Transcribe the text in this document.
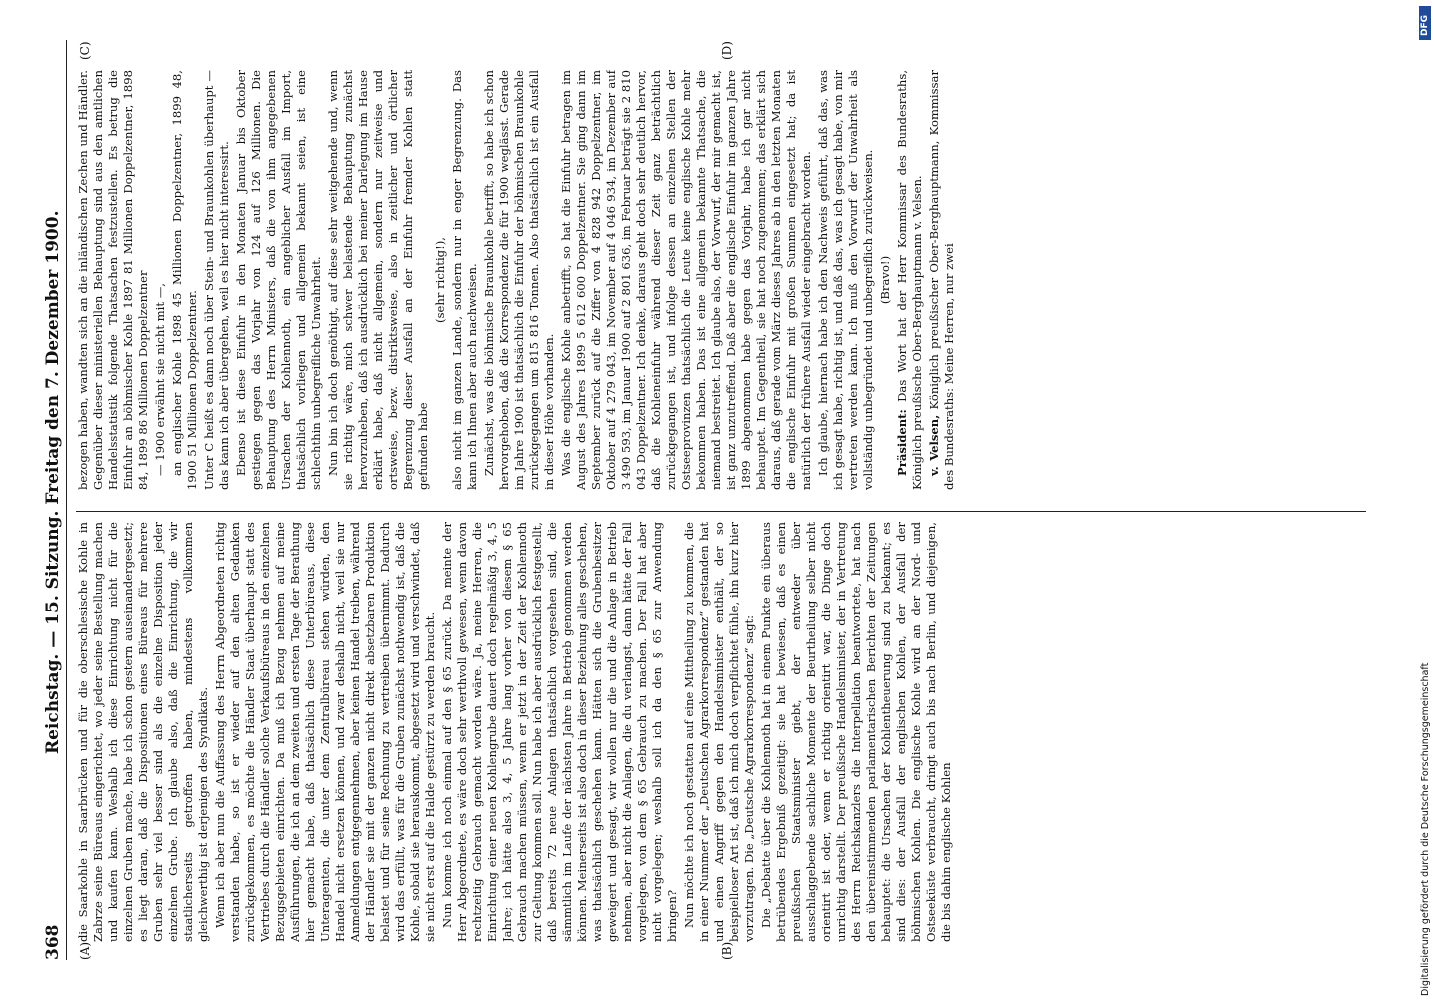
368
Reichstag. — 15. Sitzung. Freitag den 7. Dezember 1900.
(A)	(B)
(C)	(D)

die Saarkohle in Saarbrücken und für die oberschlesische Kohle in Zabrze seine Büreaus eingerichtet, wo jeder seine Bestellung machen und kaufen kann. Weshalb ich diese Einrichtung nicht für die einzelnen Gruben mache, habe ich schon gestern auseinandergesetzt; es liegt daran, daß die Dispositionen eines Büreaus für mehrere Gruben sehr viel besser sind als die einzelne Disposition jeder einzelnen Grube. Ich glaube also, daß die Einrichtung, die wir staatlicherseits getroffen haben, mindestens vollkommen gleichwerthig ist derjenigen des Syndikats. Wenn ich aber nun die Auffassung des Herrn Abgeordneten richtig verstanden habe, so ist er wieder auf den alten Gedanken zurückgekommen, es möchte die Händler Staat überhaupt statt des Vertriebes durch die Händler solche Verkaufsbüreaus in den einzelnen Bezugsgebieten einrichten. Da muß ich Bezug nehmen auf meine Ausführungen, die ich an dem zweiten und ersten Tage der Berathung hier gemacht habe, daß thatsächlich diese Unterbüreaus, diese Unteragenten, die unter dem Zentralbüreau stehen würden, den Handel nicht ersetzen können, und zwar deshalb nicht, weil sie nur Anmeldungen entgegennehmen, aber keinen Handel treiben, während der Händler sie mit der ganzen nicht direkt absetzbaren Produktion belastet und für seine Rechnung zu vertreiben übernimmt. Dadurch wird das erfüllt, was für die Gruben zunächst nothwendig ist, daß die Kohle, sobald sie herauskommt, abgesetzt wird und verschwindet, daß sie nicht erst auf die Halde gestürzt zu werden braucht. Nun komme ich noch einmal auf den § 65 zurück. Da meinte der Herr Abgeordnete, es wäre doch sehr werthvoll gewesen, wenn davon rechtzeitig Gebrauch gemacht worden wäre. Ja, meine Herren, die Einrichtung einer neuen Kohlengrube dauert doch regelmäßig 3, 4, 5 Jahre; ich hätte also 3, 4, 5 Jahre lang vorher von diesem § 65 Gebrauch machen müssen, wenn er jetzt in der Zeit der Kohlennoth zur Geltung kommen soll. Nun habe ich aber ausdrücklich festgestellt, daß bereits 72 neue Anlagen thatsächlich vorgesehen sind, die sämmtlich im Laufe der nächsten Jahre in Betrieb genommen werden können. Meinerseits ist also doch in dieser Beziehung alles geschehen, was thatsächlich geschehen kann. Hätten sich die Grubenbesitzer geweigert und gesagt, wir wollen nur die und die Anlage in Betrieb nehmen, aber nicht die Anlagen, die du verlangst, dann hätte der Fall vorgelegen, von dem § 65 Gebrauch zu machen. Der Fall hat aber nicht vorgelegen; weshalb soll ich da den § 65 zur Anwendung bringen? Nun möchte ich noch gestatten auf eine Mittheilung zu kommen, die in einer Nummer der „Deutschen Agrarkorrespondenz“ gestanden hat und einen Angriff gegen den Handelsminister enthält, der so beispielloser Art ist, daß ich mich doch verpflichtet fühle, ihn kurz hier vorzutragen. Die „Deutsche Agrarkorrespondenz“ sagt: Die „Debatte über die Kohlennoth hat in einem Punkte ein überaus betrübendes Ergebniß gezeitigt: sie hat bewiesen, daß es einen preußischen Staatsminister giebt, der entweder über ausschlaggebende sachliche Momente der Beurtheilung selber nicht orientirt ist oder, wenn er richtig orientirt war, die Dinge doch unrichtig darstellt. Der preußische Handelsminister, der in Vertretung des Herrn Reichskanzlers die Interpellation beantwortete, hat nach den übereinstimmenden parlamentarischen Berichten der Zeitungen behauptet: die Ursachen der Kohlentheuerung sind zu bekannt; es sind dies: der Ausfall der englischen Kohlen, der Ausfall der böhmischen Kohlen. Die englische Kohle wird an der Nord- und Ostseeküste verbraucht, dringt auch bis nach Berlin, und diejenigen, die bis dahin englische Kohlen

bezogen haben, wandten sich an die inländischen Zechen und Händler. Gegenüber dieser ministeriellen Behauptung sind aus den amtlichen Handelsstatistik folgende Thatsachen festzustellen. Es betrug die Einfuhr an böhmischer Kohle 1897 81 Millionen Doppelzentner, 1898 84, 1899 86 Millionen Doppelzentner — 1900 erwähnt sie nicht mit —, an englischer Kohle 1898 45 Millionen Doppelzentner, 1899 48, 1900 51 Millionen Doppelzentner. Unter C heißt es dann noch über Stein- und Braunkohlen überhaupt — das kann ich aber übergehen, weil es hier nicht interessirt. Ebenso ist diese Einfuhr in den Monaten Januar bis Oktober gestiegen gegen das Vorjahr von 124 auf 126 Millionen. Die Behauptung des Herrn Ministers, daß die von ihm angegebenen Ursachen der Kohlennoth, ein angeblicher Ausfall im Import, thatsächlich vorliegen und allgemein bekannt seien, ist eine schlechthin unbegreifliche Unwahrheit. Nun bin ich doch genöthigt, auf diese sehr weitgehende und, wenn sie richtig wäre, mich schwer belastende Behauptung zunächst hervorzuheben, daß ich ausdrücklich bei meiner Darlegung im Hause erklärt habe, daß nicht allgemein, sondern nur zeitweise und ortsweise, bezw. distriktsweise, also in zeitlicher und örtlicher Begrenzung dieser Ausfall an der Einfuhr fremder Kohlen statt gefunden habe

(sehr richtig!), also nicht im ganzen Lande, sondern nur in enger Begrenzung. Das kann ich Ihnen aber auch nachweisen. Zunächst, was die böhmische Braunkohle betrifft, so habe ich schon hervorgehoben, daß die Korrespondenz die für 1900 weglässt. Gerade im Jahre 1900 ist thatsächlich die Einfuhr der böhmischen Braunkohle zurückgegangen um 815 816 Tonnen. Also thatsächlich ist ein Ausfall in dieser Höhe vorhanden. Was die englische Kohle anbetrifft, so hat die Einfuhr betragen im August des Jahres 1899 5 612 600 Doppelzentner. Sie ging dann im September zurück auf die Ziffer von 4 828 942 Doppelzentner, im Oktober auf 4 279 043, im November auf 4 046 934, im Dezember auf 3 490 593, im Januar 1900 auf 2 801 636, im Februar beträgt sie 2 810 043 Doppelzentner. Ich denke, daraus geht doch sehr deutlich hervor, daß die Kohleneinfuhr während dieser Zeit ganz beträchtlich zurückgegangen ist, und infolge dessen an einzelnen Stellen der Ostseeprovinzen thatsächlich die Leute keine englische Kohle mehr bekommen haben. Das ist eine allgemein bekannte Thatsache, die niemand bestreitet. Ich glaube also, der Vorwurf, der mir gemacht ist, ist ganz unzutreffend. Daß aber die englische Einfuhr im ganzen Jahre 1899 abgenommen habe gegen das Vorjahr, habe ich gar nicht behauptet. Im Gegentheil, sie hat noch zugenommen; das erklärt sich daraus, daß gerade vom März dieses Jahres ab in den letzten Monaten die englische Einfuhr mit großen Summen eingesetzt hat; da ist natürlich der frühere Ausfall wieder eingebracht worden. Ich glaube, hiernach habe ich den Nachweis geführt, daß das, was ich gesagt habe, richtig ist, und daß das, was ich gesagt habe, von mir vertreten werden kann. Ich muß den Vorwurf der Unwahrheit als vollständig unbegründet und unbegreiflich zurückweisen. (Bravo!)

Präsident: Das Wort hat der Herr Kommissar des Bundesraths, Königlich preußische Ober-Berghauptmann v. Velsen. v. Velsen, Königlich preußischer Ober-Berghauptmann, Kommissar des Bundesraths: Meine Herren, nur zwei

Digitalisierung gefördert durch die Deutsche Forschungsgemeinschaft
DFG
